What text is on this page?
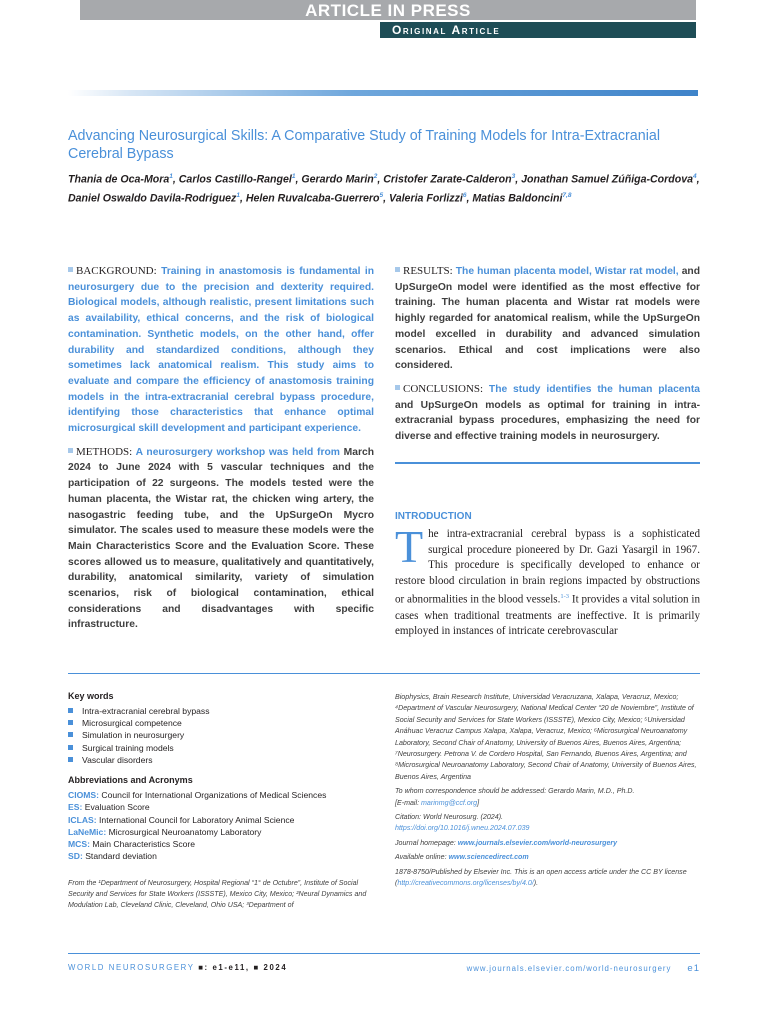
ARTICLE IN PRESS
Original Article
Advancing Neurosurgical Skills: A Comparative Study of Training Models for Intra-Extracranial Cerebral Bypass
Thania de Oca-Mora$^1$, Carlos Castillo-Rangel$^1$, Gerardo Marin$^2$, Cristofer Zarate-Calderon$^3$, Jonathan Samuel Zúñiga-Cordova$^4$, Daniel Oswaldo Davila-Rodriguez$^1$, Helen Ruvalcaba-Guerrero$^5$, Valeria Forlizzi$^6$, Matias Baldoncini$^{7,8}$
BACKGROUND: Training in anastomosis is fundamental in neurosurgery due to the precision and dexterity required. Biological models, although realistic, present limitations such as availability, ethical concerns, and the risk of biological contamination. Synthetic models, on the other hand, offer durability and standardized conditions, although they sometimes lack anatomical realism. This study aims to evaluate and compare the efficiency of anastomosis training models in the intra-extracranial cerebral bypass procedure, identifying those characteristics that enhance optimal microsurgical skill development and participant experience.
METHODS: A neurosurgery workshop was held from March 2024 to June 2024 with 5 vascular techniques and the participation of 22 surgeons. The models tested were the human placenta, the Wistar rat, the chicken wing artery, the nasogastric feeding tube, and the UpSurgeOn Mycro simulator. The scales used to measure these models were the Main Characteristics Score and the Evaluation Score. These scores allowed us to measure, qualitatively and quantitatively, durability, anatomical similarity, variety of simulation scenarios, risk of biological contamination, ethical considerations and disadvantages with specific infrastructure.
RESULTS: The human placenta model, Wistar rat model, and UpSurgeOn model were identified as the most effective for training. The human placenta and Wistar rat models were highly regarded for anatomical realism, while the UpSurgeOn model excelled in durability and advanced simulation scenarios. Ethical and cost implications were also considered.
CONCLUSIONS: The study identifies the human placenta and UpSurgeOn models as optimal for training in intra-extracranial bypass procedures, emphasizing the need for diverse and effective training models in neurosurgery.
INTRODUCTION
The intra-extracranial cerebral bypass is a sophisticated surgical procedure pioneered by Dr. Gazi Yasargil in 1967. This procedure is specifically developed to enhance or restore blood circulation in brain regions impacted by obstructions or abnormalities in the blood vessels.$^{1-3}$ It provides a vital solution in cases when traditional treatments are ineffective. It is primarily employed in instances of intricate cerebrovascular
Key words
Intra-extracranial cerebral bypass
Microsurgical competence
Simulation in neurosurgery
Surgical training models
Vascular disorders
Abbreviations and Acronyms
CIOMS: Council for International Organizations of Medical Sciences
ES: Evaluation Score
ICLAS: International Council for Laboratory Animal Science
LaNeMic: Microsurgical Neuroanatomy Laboratory
MCS: Main Characteristics Score
SD: Standard deviation
From the ¹Department of Neurosurgery, Hospital Regional “1° de Octubre”, Institute of Social Security and Services for State Workers (ISSSTE), Mexico City, Mexico; ²Neural Dynamics and Modulation Lab, Cleveland Clinic, Cleveland, Ohio USA; ³Department of

Biophysics, Brain Research Institute, Universidad Veracruzana, Xalapa, Veracruz, Mexico; ⁴Department of Vascular Neurosurgery, National Medical Center “20 de Noviembre”, Institute of Social Security and Services for State Workers (ISSSTE), Mexico City, Mexico; ⁵Universidad Anáhuac Veracruz Campus Xalapa, Xalapa, Veracruz, Mexico; ⁶Microsurgical Neuroanatomy Laboratory, Second Chair of Anatomy, University of Buenos Aires, Buenos Aires, Argentina; ⁷Neurosurgery. Petrona V. de Cordero Hospital, San Fernando, Buenos Aires, Argentina; and ⁸Microsurgical Neuroanatomy Laboratory, Second Chair of Anatomy, University of Buenos Aires, Buenos Aires, Argentina

To whom correspondence should be addressed: Gerardo Marin, M.D., Ph.D.
[E-mail: marinmg@ccf.org]

Citation: World Neurosurg. (2024).
https://doi.org/10.1016/j.wneu.2024.07.039

Journal homepage: www.journals.elsevier.com/world-neurosurgery

Available online: www.sciencedirect.com

1878-8750/Published by Elsevier Inc. This is an open access article under the CC BY license (http://creativecommons.org/licenses/by/4.0/).

WORLD NEUROSURGERY ■: e1-e11, ■ 2024	www.journals.elsevier.com/world-neurosurgery e1
